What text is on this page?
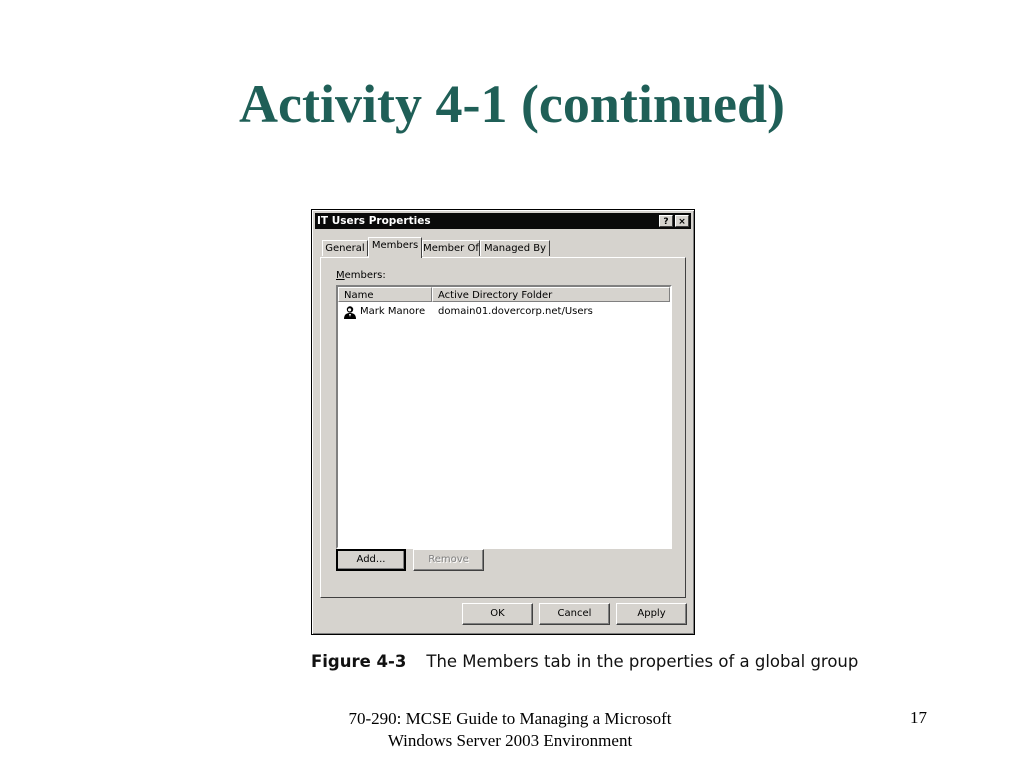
Activity 4-1 (continued)
IT Users Properties	?	×
General Members Member Of Managed By
Members:
Name	Active Directory Folder
Mark Manore domain01.dovercorp.net/Users
Add...	Remove
OK	Cancel	Apply
Figure 4-3 The Members tab in the properties of a global group
70-290: MCSE Guide to Managing a Microsoft
Windows Server 2003 Environment
17
